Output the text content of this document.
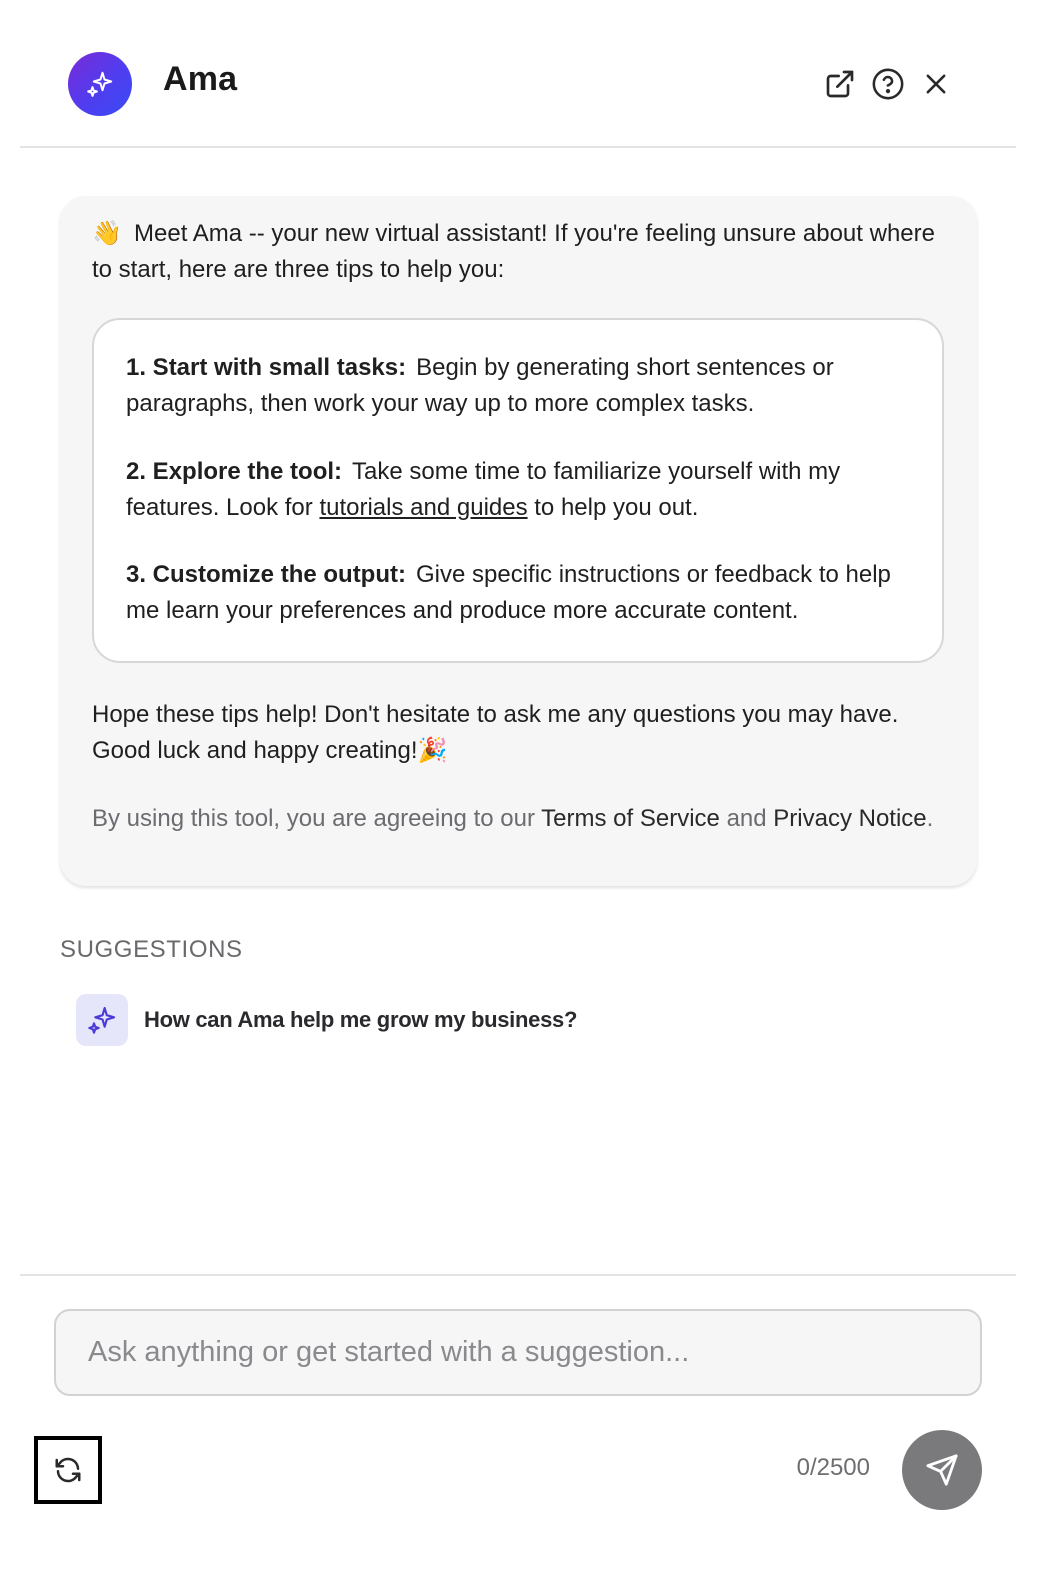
Ama
👋 Meet Ama -- your new virtual assistant! If you're feeling unsure about where to start, here are three tips to help you:
1. Start with small tasks: Begin by generating short sentences or paragraphs, then work your way up to more complex tasks.
2. Explore the tool: Take some time to familiarize yourself with my features. Look for tutorials and guides to help you out.
3. Customize the output: Give specific instructions or feedback to help me learn your preferences and produce more accurate content.
Hope these tips help! Don't hesitate to ask me any questions you may have. Good luck and happy creating!🎉
By using this tool, you are agreeing to our Terms of Service and Privacy Notice.
SUGGESTIONS
How can Ama help me grow my business?
Ask anything or get started with a suggestion...
0/2500
